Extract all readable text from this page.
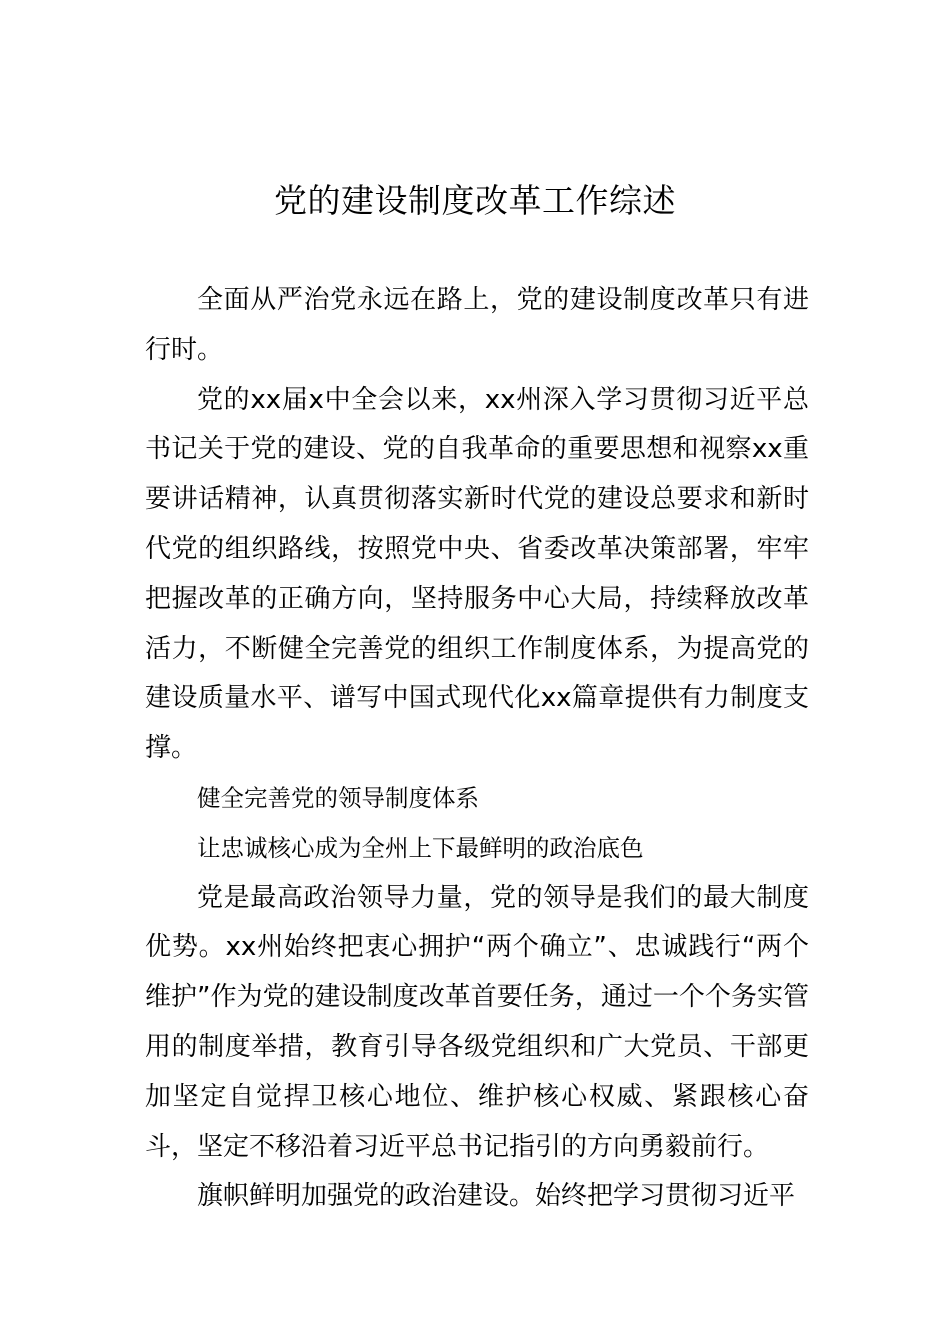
党的建设制度改革工作综述

全面从严治党永远在路上，党的建设制度改革只有进行时。

党的xx届x中全会以来，xx州深入学习贯彻习近平总书记关于党的建设、党的自我革命的重要思想和视察xx重要讲话精神，认真贯彻落实新时代党的建设总要求和新时代党的组织路线，按照党中央、省委改革决策部署，牢牢把握改革的正确方向，坚持服务中心大局，持续释放改革活力，不断健全完善党的组织工作制度体系，为提高党的建设质量水平、谱写中国式现代化xx篇章提供有力制度支撑。

健全完善党的领导制度体系

让忠诚核心成为全州上下最鲜明的政治底色

党是最高政治领导力量，党的领导是我们的最大制度优势。xx州始终把衷心拥护“两个确立”、忠诚践行“两个维护”作为党的建设制度改革首要任务，通过一个个务实管用的制度举措，教育引导各级党组织和广大党员、干部更加坚定自觉捍卫核心地位、维护核心权威、紧跟核心奋斗，坚定不移沿着习近平总书记指引的方向勇毅前行。

旗帜鲜明加强党的政治建设。始终把学习贯彻习近平
